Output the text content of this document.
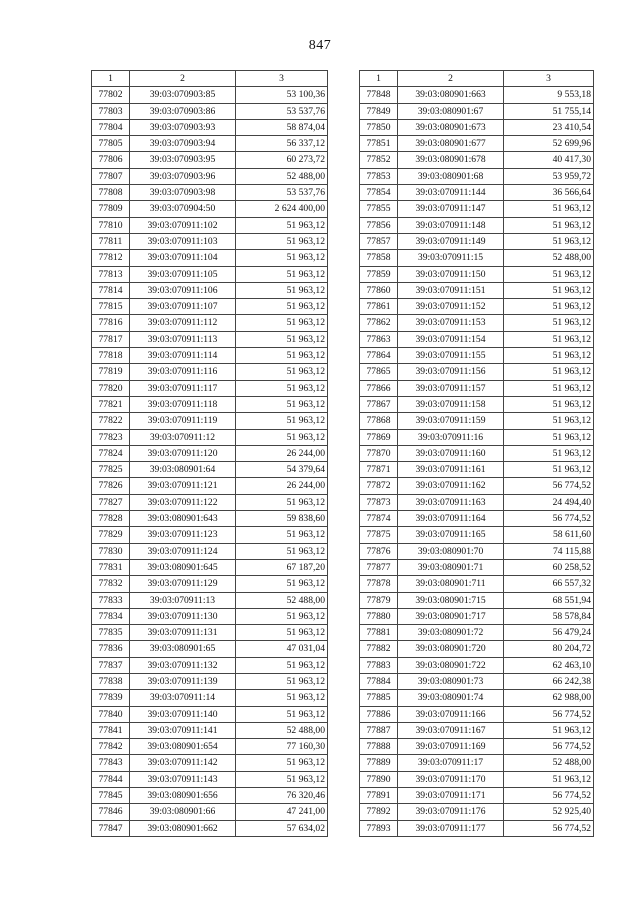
847
1	2	3
77802	39:03:070903:85	53 100,36
77803	39:03:070903:86	53 537,76
77804	39:03:070903:93	58 874,04
77805	39:03:070903:94	56 337,12
77806	39:03:070903:95	60 273,72
77807	39:03:070903:96	52 488,00
77808	39:03:070903:98	53 537,76
77809	39:03:070904:50	2 624 400,00
77810	39:03:070911:102	51 963,12
77811	39:03:070911:103	51 963,12
77812	39:03:070911:104	51 963,12
77813	39:03:070911:105	51 963,12
77814	39:03:070911:106	51 963,12
77815	39:03:070911:107	51 963,12
77816	39:03:070911:112	51 963,12
77817	39:03:070911:113	51 963,12
77818	39:03:070911:114	51 963,12
77819	39:03:070911:116	51 963,12
77820	39:03:070911:117	51 963,12
77821	39:03:070911:118	51 963,12
77822	39:03:070911:119	51 963,12
77823	39:03:070911:12	51 963,12
77824	39:03:070911:120	26 244,00
77825	39:03:080901:64	54 379,64
77826	39:03:070911:121	26 244,00
77827	39:03:070911:122	51 963,12
77828	39:03:080901:643	59 838,60
77829	39:03:070911:123	51 963,12
77830	39:03:070911:124	51 963,12
77831	39:03:080901:645	67 187,20
77832	39:03:070911:129	51 963,12
77833	39:03:070911:13	52 488,00
77834	39:03:070911:130	51 963,12
77835	39:03:070911:131	51 963,12
77836	39:03:080901:65	47 031,04
77837	39:03:070911:132	51 963,12
77838	39:03:070911:139	51 963,12
77839	39:03:070911:14	51 963,12
77840	39:03:070911:140	51 963,12
77841	39:03:070911:141	52 488,00
77842	39:03:080901:654	77 160,30
77843	39:03:070911:142	51 963,12
77844	39:03:070911:143	51 963,12
77845	39:03:080901:656	76 320,46
77846	39:03:080901:66	47 241,00
77847	39:03:080901:662	57 634,02
1	2	3
77848	39:03:080901:663	9 553,18
77849	39:03:080901:67	51 755,14
77850	39:03:080901:673	23 410,54
77851	39:03:080901:677	52 699,96
77852	39:03:080901:678	40 417,30
77853	39:03:080901:68	53 959,72
77854	39:03:070911:144	36 566,64
77855	39:03:070911:147	51 963,12
77856	39:03:070911:148	51 963,12
77857	39:03:070911:149	51 963,12
77858	39:03:070911:15	52 488,00
77859	39:03:070911:150	51 963,12
77860	39:03:070911:151	51 963,12
77861	39:03:070911:152	51 963,12
77862	39:03:070911:153	51 963,12
77863	39:03:070911:154	51 963,12
77864	39:03:070911:155	51 963,12
77865	39:03:070911:156	51 963,12
77866	39:03:070911:157	51 963,12
77867	39:03:070911:158	51 963,12
77868	39:03:070911:159	51 963,12
77869	39:03:070911:16	51 963,12
77870	39:03:070911:160	51 963,12
77871	39:03:070911:161	51 963,12
77872	39:03:070911:162	56 774,52
77873	39:03:070911:163	24 494,40
77874	39:03:070911:164	56 774,52
77875	39:03:070911:165	58 611,60
77876	39:03:080901:70	74 115,88
77877	39:03:080901:71	60 258,52
77878	39:03:080901:711	66 557,32
77879	39:03:080901:715	68 551,94
77880	39:03:080901:717	58 578,84
77881	39:03:080901:72	56 479,24
77882	39:03:080901:720	80 204,72
77883	39:03:080901:722	62 463,10
77884	39:03:080901:73	66 242,38
77885	39:03:080901:74	62 988,00
77886	39:03:070911:166	56 774,52
77887	39:03:070911:167	51 963,12
77888	39:03:070911:169	56 774,52
77889	39:03:070911:17	52 488,00
77890	39:03:070911:170	51 963,12
77891	39:03:070911:171	56 774,52
77892	39:03:070911:176	52 925,40
77893	39:03:070911:177	56 774,52
